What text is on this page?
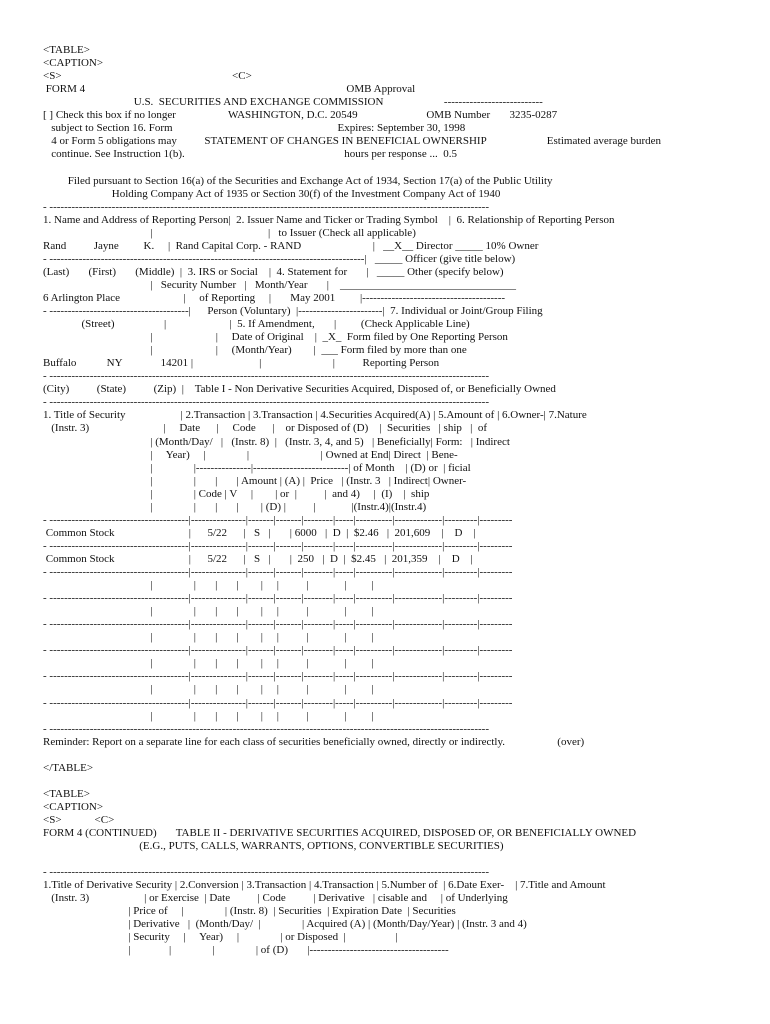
<TABLE>
<CAPTION>
<S>                                                              <C>
FORM 4                                                                                               OMB Approval
U.S.  SECURITIES AND EXCHANGE COMMISSION                      ---------------------------
[ ] Check this box if no longer                   WASHINGTON, D.C. 20549                         OMB Number       3235-0287
subject to Section 16. Form                                                            Expires: September 30, 1998
4 or Form 5 obligations may          STATEMENT OF CHANGES IN BENEFICIAL OWNERSHIP                      Estimated average burden
continue. See Instruction 1(b).                                                          hours per response ...  0.5
Filed pursuant to Section 16(a) of the Securities and Exchange Act of 1934, Section 17(a) of the Public Utility
Holding Company Act of 1935 or Section 30(f) of the Investment Company Act of 1940
- ------------------------------------------------------------------------------------------------------------------------
1. Name and Address of Reporting Person|  2. Issuer Name and Ticker or Trading Symbol    |  6. Relationship of Reporting Person
|                                          |   to Issuer (Check all applicable)
Rand          Jayne         K.     |  Rand Capital Corp. - RAND                          |   __X__ Director _____ 10% Owner
- --------------------------------------------------------------------------------------|   _____ Officer (give title below)
(Last)       (First)       (Middle)  |  3. IRS or Social    |  4. Statement for       |   _____ Other (specify below)
|   Security Number   |   Month/Year       |    ________________________________
6 Arlington Place                       |     of Reporting     |       May 2001         |---------------------------------------
- --------------------------------------|      Person (Voluntary)  |-----------------------|  7. Individual or Joint/Group Filing
(Street)                  |                       |  5. If Amendment,       |         (Check Applicable Line)
|                       |     Date of Original    |  _X_  Form filed by One Reporting Person
|                       |     (Month/Year)        |  ___ Form filed by more than one
Buffalo           NY              14201 |                        |                          |          Reporting Person
- ------------------------------------------------------------------------------------------------------------------------
(City)          (State)          (Zip)  |    Table I - Non Derivative Securities Acquired, Disposed of, or Beneficially Owned
- ------------------------------------------------------------------------------------------------------------------------
1. Title of Security                    | 2.Transaction | 3.Transaction | 4.Securities Acquired(A) | 5.Amount of | 6.Owner-| 7.Nature
(Instr. 3)                           |     Date      |     Code      |    or Disposed of (D)    |  Securities   | ship   |  of
| (Month/Day/   |   (Instr. 8)  |   (Instr. 3, 4, and 5)   | Beneficially| Form:   | Indirect
|     Year)     |               |                          | Owned at End| Direct  | Bene-
|               |---------------|--------------------------| of Month    | (D) or  | ficial
|               |       |       | Amount | (A) |  Price   | (Instr. 3   | Indirect| Owner-
|               | Code | V     |        | or  |          |  and 4)     |  (I)    |  ship
|               |       |       |        | (D) |          |             |(Instr.4)|(Instr.4)
- --------------------------------------|---------------|-------|-------|--------|-----|----------|-------------|---------|---------
Common Stock                           |      5/22      |   S   |       | 6000   |  D  |  $2.46   |  201,609    |    D    |
- --------------------------------------|---------------|-------|-------|--------|-----|----------|-------------|---------|---------
Common Stock                           |      5/22      |   S   |       |  250   |  D  |  $2.45   |  201,359    |    D    |
- --------------------------------------|---------------|-------|-------|--------|-----|----------|-------------|---------|---------
|               |       |       |        |     |          |             |         |
- --------------------------------------|---------------|-------|-------|--------|-----|----------|-------------|---------|---------
|               |       |       |        |     |          |             |         |
- --------------------------------------|---------------|-------|-------|--------|-----|----------|-------------|---------|---------
|               |       |       |        |     |          |             |         |
- --------------------------------------|---------------|-------|-------|--------|-----|----------|-------------|---------|---------
|               |       |       |        |     |          |             |         |
- --------------------------------------|---------------|-------|-------|--------|-----|----------|-------------|---------|---------
|               |       |       |        |     |          |             |         |
- --------------------------------------|---------------|-------|-------|--------|-----|----------|-------------|---------|---------
|               |       |       |        |     |          |             |         |
- ------------------------------------------------------------------------------------------------------------------------
Reminder: Report on a separate line for each class of securities beneficially owned, directly or indirectly.                   (over)
</TABLE>
<TABLE>
<CAPTION>
<S>            <C>
FORM 4 (CONTINUED)       TABLE II - DERIVATIVE SECURITIES ACQUIRED, DISPOSED OF, OR BENEFICIALLY OWNED
(E.G., PUTS, CALLS, WARRANTS, OPTIONS, CONVERTIBLE SECURITIES)
- ------------------------------------------------------------------------------------------------------------------------
1.Title of Derivative Security | 2.Conversion | 3.Transaction | 4.Transaction | 5.Number of  | 6.Date Exer-    | 7.Title and Amount
(Instr. 3)                    | or Exercise  | Date          | Code          | Derivative   | cisable and     | of Underlying
| Price of     |               | (Instr. 8)  | Securities  | Expiration Date  | Securities
| Derivative   |  (Month/Day/  |               | Acquired (A) | (Month/Day/Year) | (Instr. 3 and 4)
| Security     |     Year)     |               | or Disposed  |                  |
|              |               |               | of (D)       |--------------------------------------
